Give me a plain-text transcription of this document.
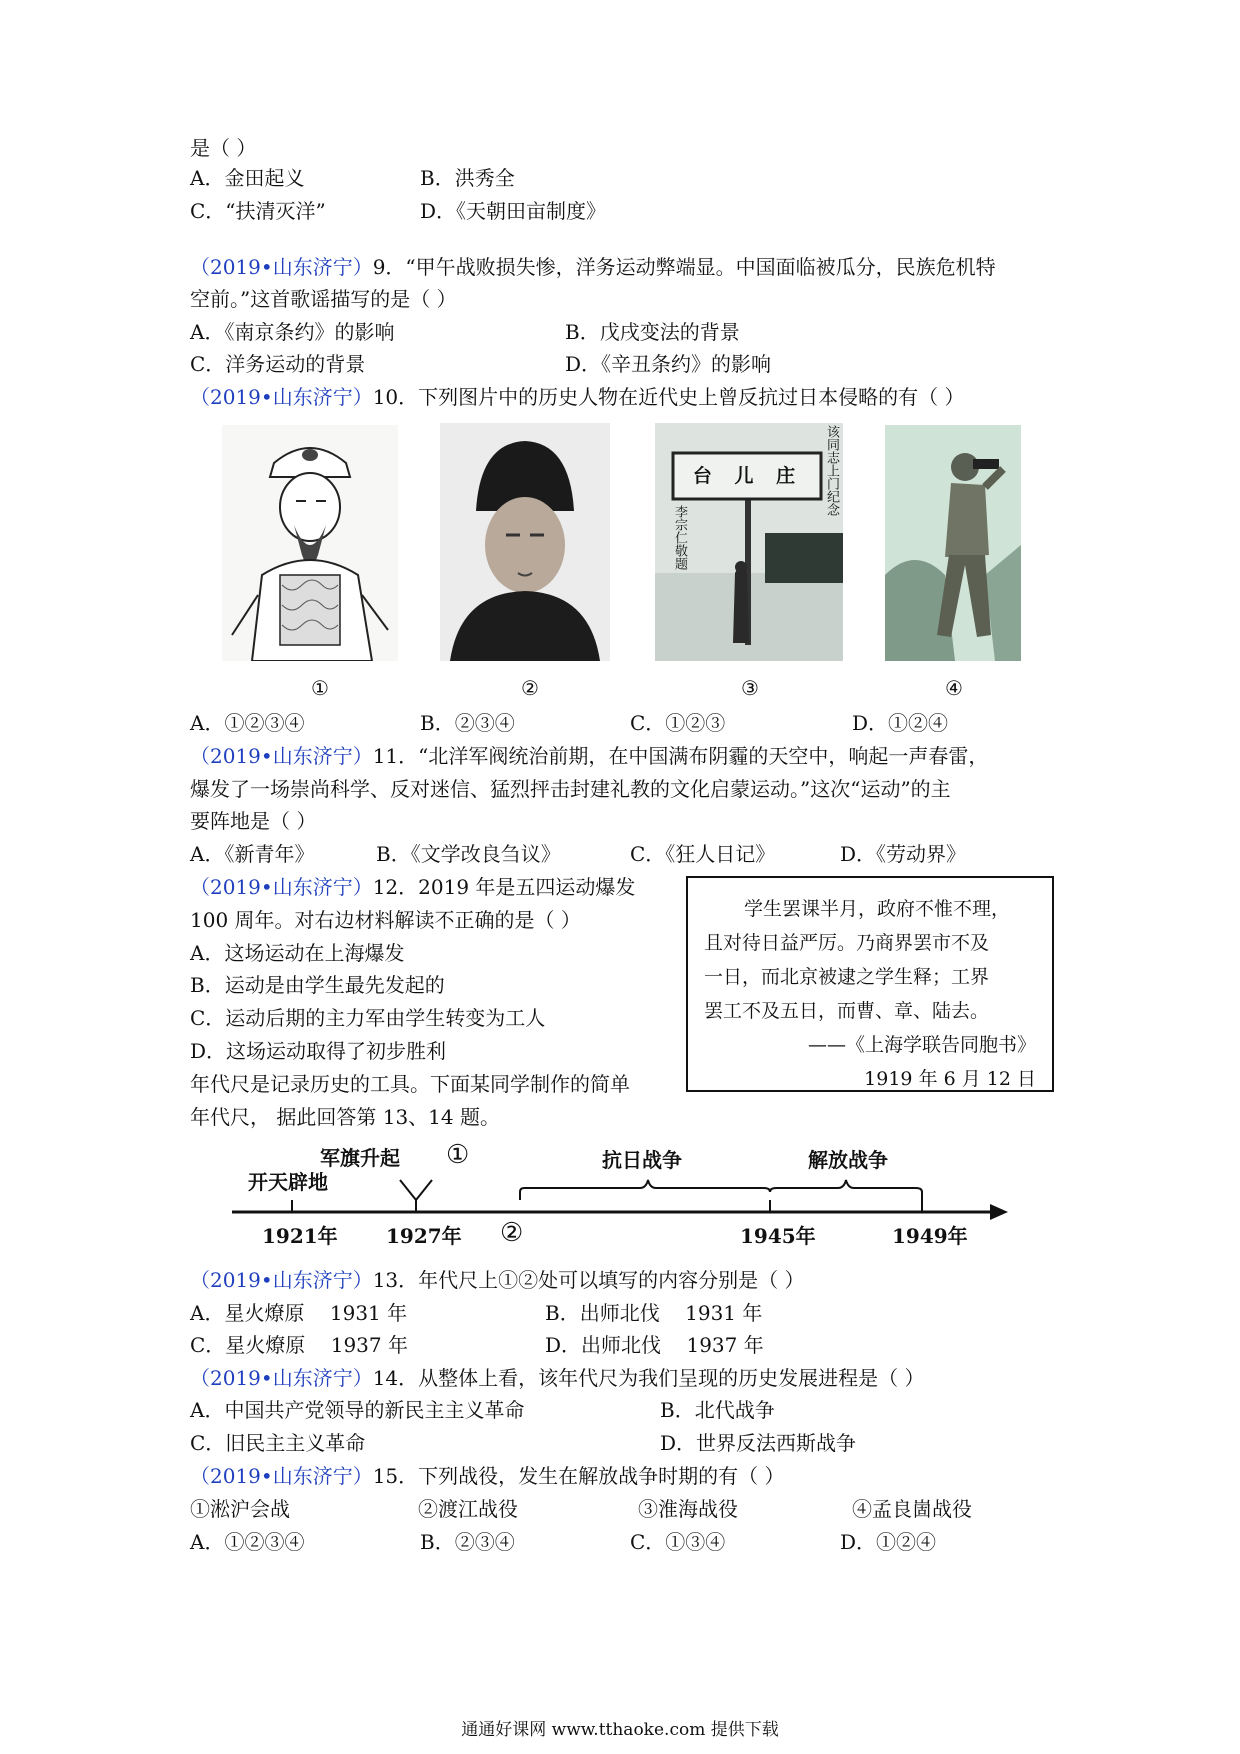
是（ ）
A．金田起义	B．洪秀全
C．“扶清灭洋”	D．《天朝田亩制度》
（2019•山东济宁）9．“甲午战败损失惨，洋务运动弊端显。中国面临被瓜分，民族危机特
空前。”这首歌谣描写的是（ ）
A．《南京条约》的影响	B．戊戌变法的背景
C．洋务运动的背景	D．《辛丑条约》的影响
（2019•山东济宁）10．下列图片中的历史人物在近代史上曾反抗过日本侵略的有（ ）
台 儿 庄
李宗仁敬题
该同志上门纪念
①	②	③	④
A．①②③④	B．②③④	C．①②③	D．①②④
（2019•山东济宁）11．“北洋军阀统治前期，在中国满布阴霾的天空中，响起一声春雷，
爆发了一场崇尚科学、反对迷信、猛烈抨击封建礼教的文化启蒙运动。”这次“运动”的主
要阵地是（ ）
A．《新青年》	B．《文学改良刍议》	C．《狂人日记》	D．《劳动界》
（2019•山东济宁）12．2019 年是五四运动爆发
100 周年。对右边材料解读不正确的是（ ）
A．这场运动在上海爆发
B．运动是由学生最先发起的
C．运动后期的主力军由学生转变为工人
D．这场运动取得了初步胜利

学生罢课半月，政府不惟不理，

且对待日益严厉。乃商界罢市不及

一日，而北京被逮之学生释；工界

罢工不及五日，而曹、章、陆去。

——《上海学联告同胞书》

1919 年 6 月 12 日

年代尺是记录历史的工具。下面某同学制作的简单
年代尺， 据此回答第 13、14 题。
开天辟地
军旗升起 ①
②
抗日战争	解放战争
1921年 1927年	1945年	1949年
（2019•山东济宁）13．年代尺上①②处可以填写的内容分别是（ ）
A．星火燎原    1931 年	B．出师北伐    1931 年
C．星火燎原    1937 年	D．出师北伐    1937 年
（2019•山东济宁）14．从整体上看，该年代尺为我们呈现的历史发展进程是（ ）
A．中国共产党领导的新民主主义革命	B．北代战争
C．旧民主主义革命	D．世界反法西斯战争
（2019•山东济宁）15．下列战役，发生在解放战争时期的有（ ）
①淞沪会战	②渡江战役	③淮海战役	④孟良崮战役
A．①②③④	B．②③④	C．①③④	D．①②④
通通好课网 www.tthaoke.com 提供下载
